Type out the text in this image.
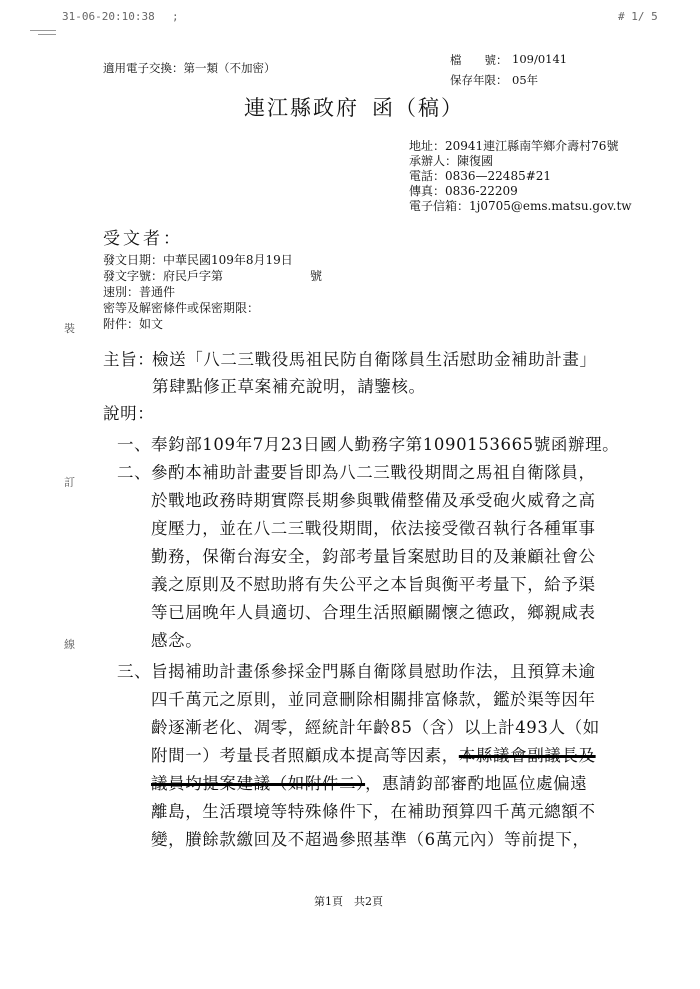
31-06-20:10:38 ;	# 1/ 5
適用電子交換：第一類（不加密）
檔　　號： 109/0141
保存年限： 05年
連江縣政府 函（稿）
地址：20941連江縣南竿鄉介壽村76號
承辦人：陳復國
電話：0836—22485#21
傳真：0836-22209
電子信箱：1j0705@ems.matsu.gov.tw
受文者：
發文日期：中華民國109年8月19日
發文字號：府民戶字第	號
速別：普通件
密等及解密條件或保密期限：
附件：如文
裝
訂
線
主旨：
檢送「八二三戰役馬祖民防自衛隊員生活慰助金補助計畫」
第肆點修正草案補充說明，請鑒核。
說明：
一、 奉鈞部109年7月23日國人勤務字第1090153665號函辦理。
二、 參酌本補助計畫要旨即為八二三戰役期間之馬祖自衛隊員，
於戰地政務時期實際長期參與戰備整備及承受砲火威脅之高
度壓力，並在八二三戰役期間，依法接受徵召執行各種軍事
勤務，保衛台海安全，鈞部考量旨案慰助目的及兼顧社會公
義之原則及不慰助將有失公平之本旨與衡平考量下，給予渠
等已屆晚年人員適切、合理生活照顧關懷之德政，鄉親咸表
感念。
三、 旨揭補助計畫係參採金門縣自衛隊員慰助作法，且預算未逾
四千萬元之原則，並同意刪除相關排富條款，鑑於渠等因年
齡逐漸老化、凋零，經統計年齡85（含）以上計493人（如
附間一）考量長者照顧成本提高等因素，本縣議會副議長及
議員均提案建議（如附件二），惠請鈞部審酌地區位處偏遠
離島，生活環境等特殊條件下，在補助預算四千萬元總額不
變，賸餘款繳回及不超過參照基準（6萬元內）等前提下，
第1頁　共2頁
